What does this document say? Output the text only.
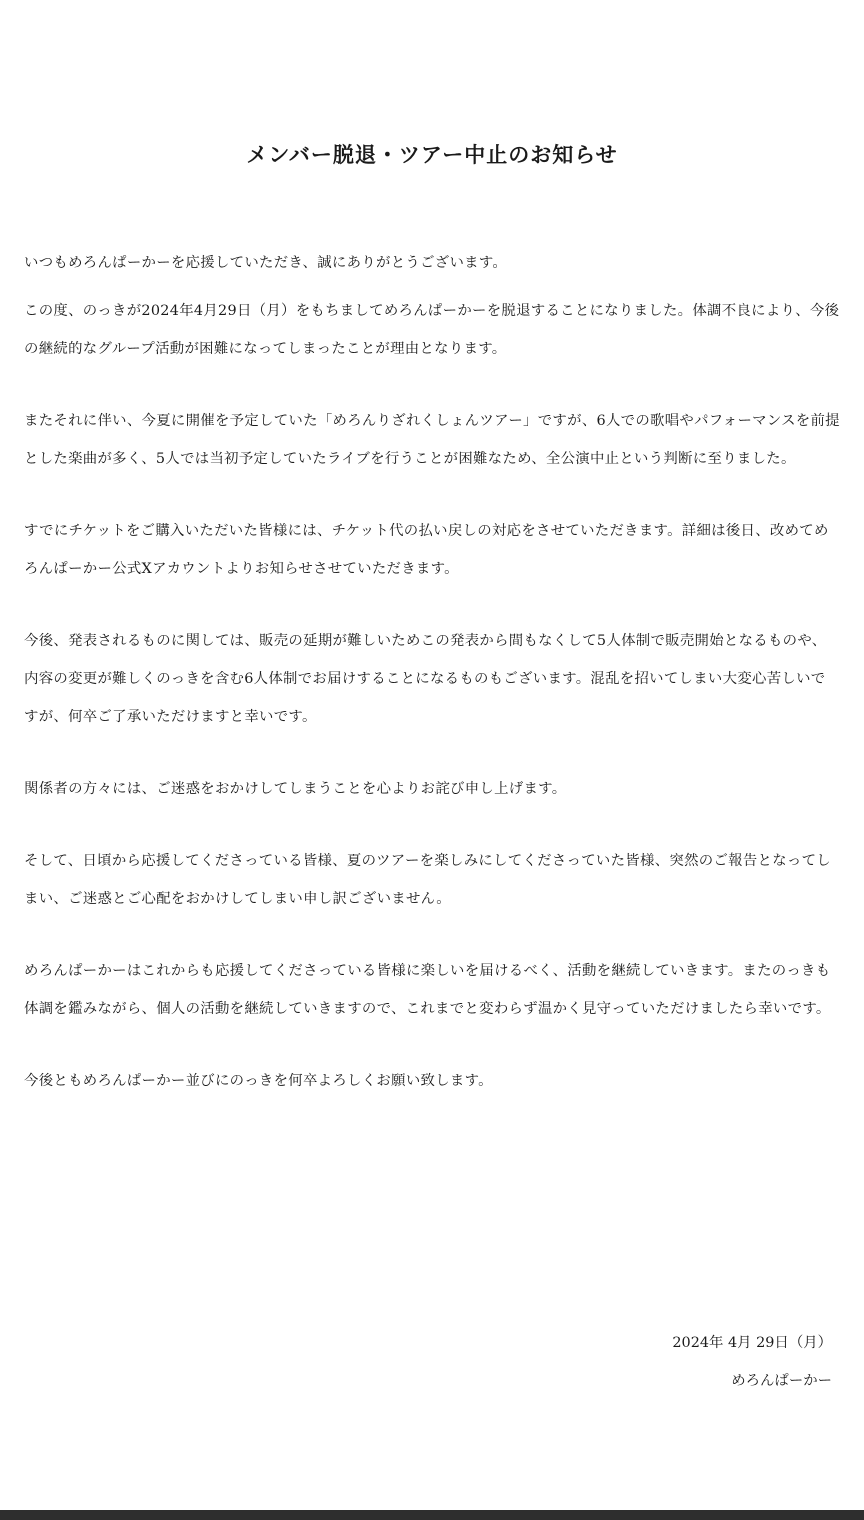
メンバー脱退・ツアー中止のお知らせ

いつもめろんぱーかーを応援していただき、誠にありがとうございます。

この度、のっきが2024年4月29日（月）をもちましてめろんぱーかーを脱退することになりました。体調不良により、今後の継続的なグループ活動が困難になってしまったことが理由となります。

またそれに伴い、今夏に開催を予定していた「めろんりざれくしょんツアー」ですが、6人での歌唱やパフォーマンスを前提とした楽曲が多く、5人では当初予定していたライブを行うことが困難なため、全公演中止という判断に至りました。

すでにチケットをご購入いただいた皆様には、チケット代の払い戻しの対応をさせていただきます。詳細は後日、改めてめろんぱーかー公式Xアカウントよりお知らせさせていただきます。

今後、発表されるものに関しては、販売の延期が難しいためこの発表から間もなくして5人体制で販売開始となるものや、内容の変更が難しくのっきを含む6人体制でお届けすることになるものもございます。混乱を招いてしまい大変心苦しいですが、何卒ご了承いただけますと幸いです。

関係者の方々には、ご迷惑をおかけしてしまうことを心よりお詫び申し上げます。

そして、日頃から応援してくださっている皆様、夏のツアーを楽しみにしてくださっていた皆様、突然のご報告となってしまい、ご迷惑とご心配をおかけしてしまい申し訳ございません。

めろんぱーかーはこれからも応援してくださっている皆様に楽しいを届けるべく、活動を継続していきます。またのっきも体調を鑑みながら、個人の活動を継続していきますので、これまでと変わらず温かく見守っていただけましたら幸いです。

今後ともめろんぱーかー並びにのっきを何卒よろしくお願い致します。

2024年 4月 29日（月）

めろんぱーかー
